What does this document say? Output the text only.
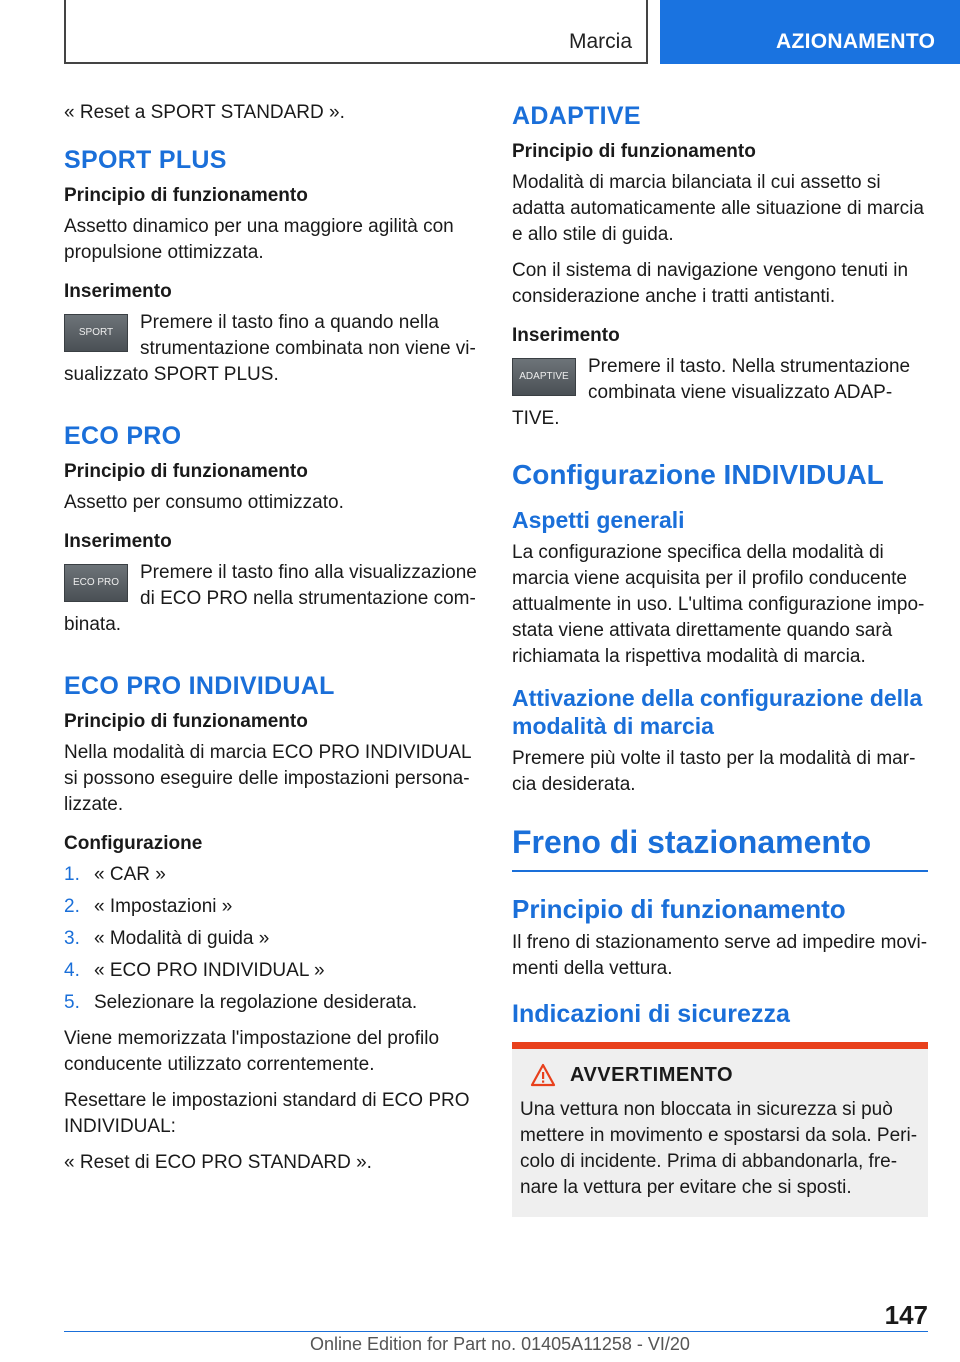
Marcia	AZIONAMENTO

« Reset a SPORT STANDARD ».

SPORT PLUS
Principio di funzionamento

Assetto dinamico per una maggiore agilità con propulsione ottimizzata.

Inserimento
SPORT	Premere il tasto fino a quando nella strumentazione combinata non viene visualizzato SPORT PLUS.

ECO PRO
Principio di funzionamento

Assetto per consumo ottimizzato.

Inserimento
ECO PRO	Premere il tasto fino alla visualizzazione di ECO PRO nella strumentazione combinata.

ECO PRO INDIVIDUAL
Principio di funzionamento

Nella modalità di marcia ECO PRO INDIVIDUAL si possono eseguire delle impostazioni personalizzate.

Configurazione
1. « CAR »
2. « Impostazioni »
3. « Modalità di guida »
4. « ECO PRO INDIVIDUAL »
5. Selezionare la regolazione desiderata.

Viene memorizzata l'impostazione del profilo conducente utilizzato correntemente.

Resettare le impostazioni standard di ECO PRO INDIVIDUAL:

« Reset di ECO PRO STANDARD ».

ADAPTIVE
Principio di funzionamento

Modalità di marcia bilanciata il cui assetto si adatta automaticamente alle situazione di marcia e allo stile di guida.

Con il sistema di navigazione vengono tenuti in considerazione anche i tratti antistanti.

Inserimento
ADAPTIVE	Premere il tasto. Nella strumentazione combinata viene visualizzato ADAPTIVE.

Configurazione INDIVIDUAL
Aspetti generali

La configurazione specifica della modalità di marcia viene acquisita per il profilo conducente attualmente in uso. L'ultima configurazione impostata viene attivata direttamente quando sarà richiamata la rispettiva modalità di marcia.

Attivazione della configurazione della modalità di marcia

Premere più volte il tasto per la modalità di marcia desiderata.

Freno di stazionamento
Principio di funzionamento

Il freno di stazionamento serve ad impedire movimenti della vettura.

Indicazioni di sicurezza
AVVERTIMENTO

Una vettura non bloccata in sicurezza si può mettere in movimento e spostarsi da sola. Pericolo di incidente. Prima di abbandonarla, frenare la vettura per evitare che si sposti.

147
Online Edition for Part no. 01405A11258 - VI/20
